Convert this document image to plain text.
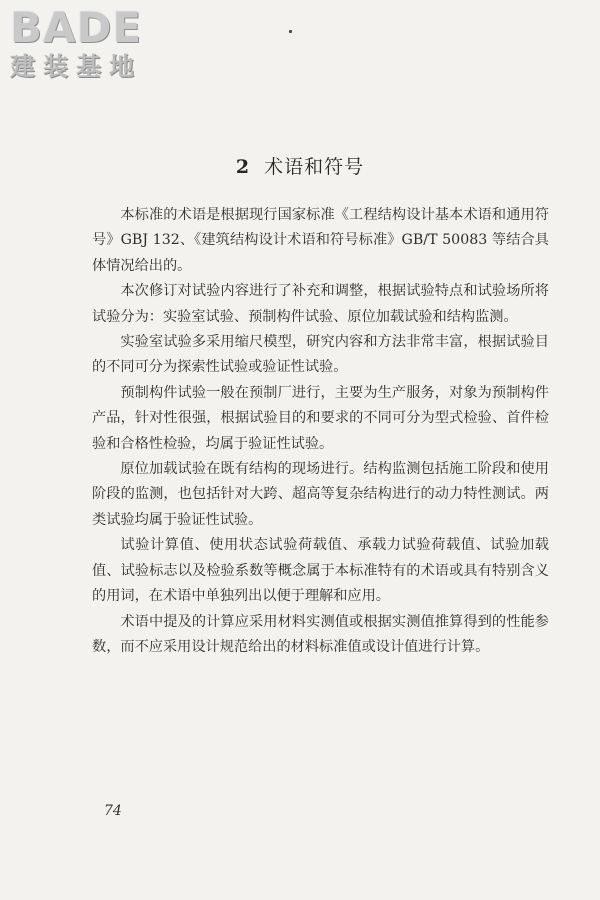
BADE
建装基地
2 术语和符号

本标准的术语是根据现行国家标准《工程结构设计基本术语和通用符号》GBJ 132、《建筑结构设计术语和符号标准》GB/T 50083 等结合具体情况给出的。

本次修订对试验内容进行了补充和调整，根据试验特点和试验场所将试验分为：实验室试验、预制构件试验、原位加载试验和结构监测。

实验室试验多采用缩尺模型，研究内容和方法非常丰富，根据试验目的不同可分为探索性试验或验证性试验。

预制构件试验一般在预制厂进行，主要为生产服务，对象为预制构件产品，针对性很强，根据试验目的和要求的不同可分为型式检验、首件检验和合格性检验，均属于验证性试验。

原位加载试验在既有结构的现场进行。结构监测包括施工阶段和使用阶段的监测，也包括针对大跨、超高等复杂结构进行的动力特性测试。两类试验均属于验证性试验。

试验计算值、使用状态试验荷载值、承载力试验荷载值、试验加载值、试验标志以及检验系数等概念属于本标准特有的术语或具有特别含义的用词，在术语中单独列出以便于理解和应用。

术语中提及的计算应采用材料实测值或根据实测值推算得到的性能参数，而不应采用设计规范给出的材料标准值或设计值进行计算。

74
